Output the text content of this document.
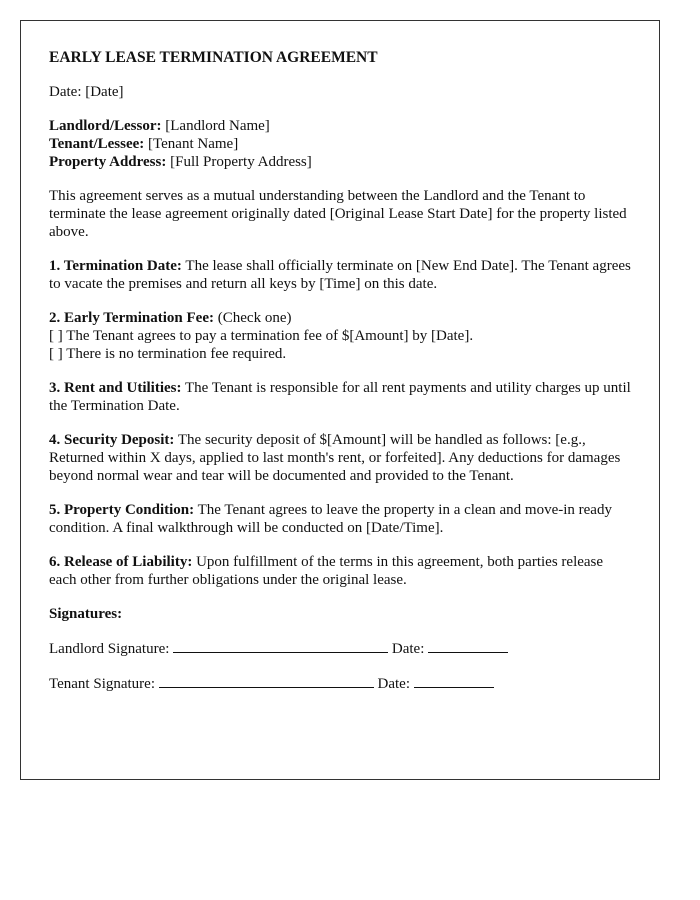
EARLY LEASE TERMINATION AGREEMENT

Date: [Date]

Landlord/Lessor: [Landlord Name]
Tenant/Lessee: [Tenant Name]
Property Address: [Full Property Address]

This agreement serves as a mutual understanding between the Landlord and the Tenant to terminate the lease agreement originally dated [Original Lease Start Date] for the property listed above.

1. Termination Date: The lease shall officially terminate on [New End Date]. The Tenant agrees to vacate the premises and return all keys by [Time] on this date.

2. Early Termination Fee: (Check one)
[ ] The Tenant agrees to pay a termination fee of $[Amount] by [Date].
[ ] There is no termination fee required.

3. Rent and Utilities: The Tenant is responsible for all rent payments and utility charges up until the Termination Date.

4. Security Deposit: The security deposit of $[Amount] will be handled as follows: [e.g., Returned within X days, applied to last month's rent, or forfeited]. Any deductions for damages beyond normal wear and tear will be documented and provided to the Tenant.

5. Property Condition: The Tenant agrees to leave the property in a clean and move-in ready condition. A final walkthrough will be conducted on [Date/Time].

6. Release of Liability: Upon fulfillment of the terms in this agreement, both parties release each other from further obligations under the original lease.

Signatures:

Landlord Signature:	Date:
Tenant Signature:	Date:
